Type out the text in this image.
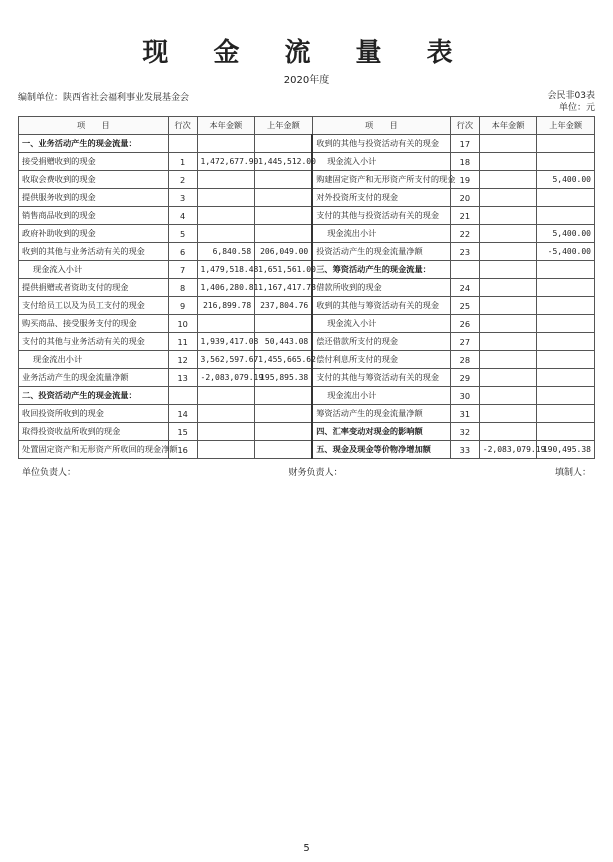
现 金 流 量 表
2020年度
编制单位：陕西省社会福利事业发展基金会	会民非03表
单位：元
项　　目	行次	本年金额	上年金额	项　　目	行次	本年金额	上年金额
一、业务活动产生的现金流量：				收到的其他与投资活动有关的现金	17		
接受捐赠收到的现金	1	1,472,677.90	1,445,512.00	现金流入小计	18		
收取会费收到的现金	2			购建固定资产和无形资产所支付的现金	19		5,400.00
提供服务收到的现金	3			对外投资所支付的现金	20		
销售商品收到的现金	4			支付的其他与投资活动有关的现金	21		
政府补助收到的现金	5			现金流出小计	22		5,400.00
收到的其他与业务活动有关的现金	6	6,840.58	206,049.00	投资活动产生的现金流量净额	23		-5,400.00
现金流入小计	7	1,479,518.48	1,651,561.00	三、筹资活动产生的现金流量：			
提供捐赠或者资助支付的现金	8	1,406,280.81	1,167,417.78	借款所收到的现金	24		
支付给员工以及为员工支付的现金	9	216,899.78	237,804.76	收到的其他与筹资活动有关的现金	25		
购买商品、接受服务支付的现金	10			现金流入小计	26		
支付的其他与业务活动有关的现金	11	1,939,417.08	50,443.08	偿还借款所支付的现金	27		
现金流出小计	12	3,562,597.67	1,455,665.62	偿付利息所支付的现金	28		
业务活动产生的现金流量净额	13	-2,083,079.19	195,895.38	支付的其他与筹资活动有关的现金	29		
二、投资活动产生的现金流量：				现金流出小计	30		
收回投资所收到的现金	14			筹资活动产生的现金流量净额	31		
取得投资收益所收到的现金	15			四、汇率变动对现金的影响额	32		
处置固定资产和无形资产所收回的现金净额	16			五、现金及现金等价物净增加额	33	-2,083,079.19	190,495.38
单位负责人：	财务负责人：	填制人：
5
